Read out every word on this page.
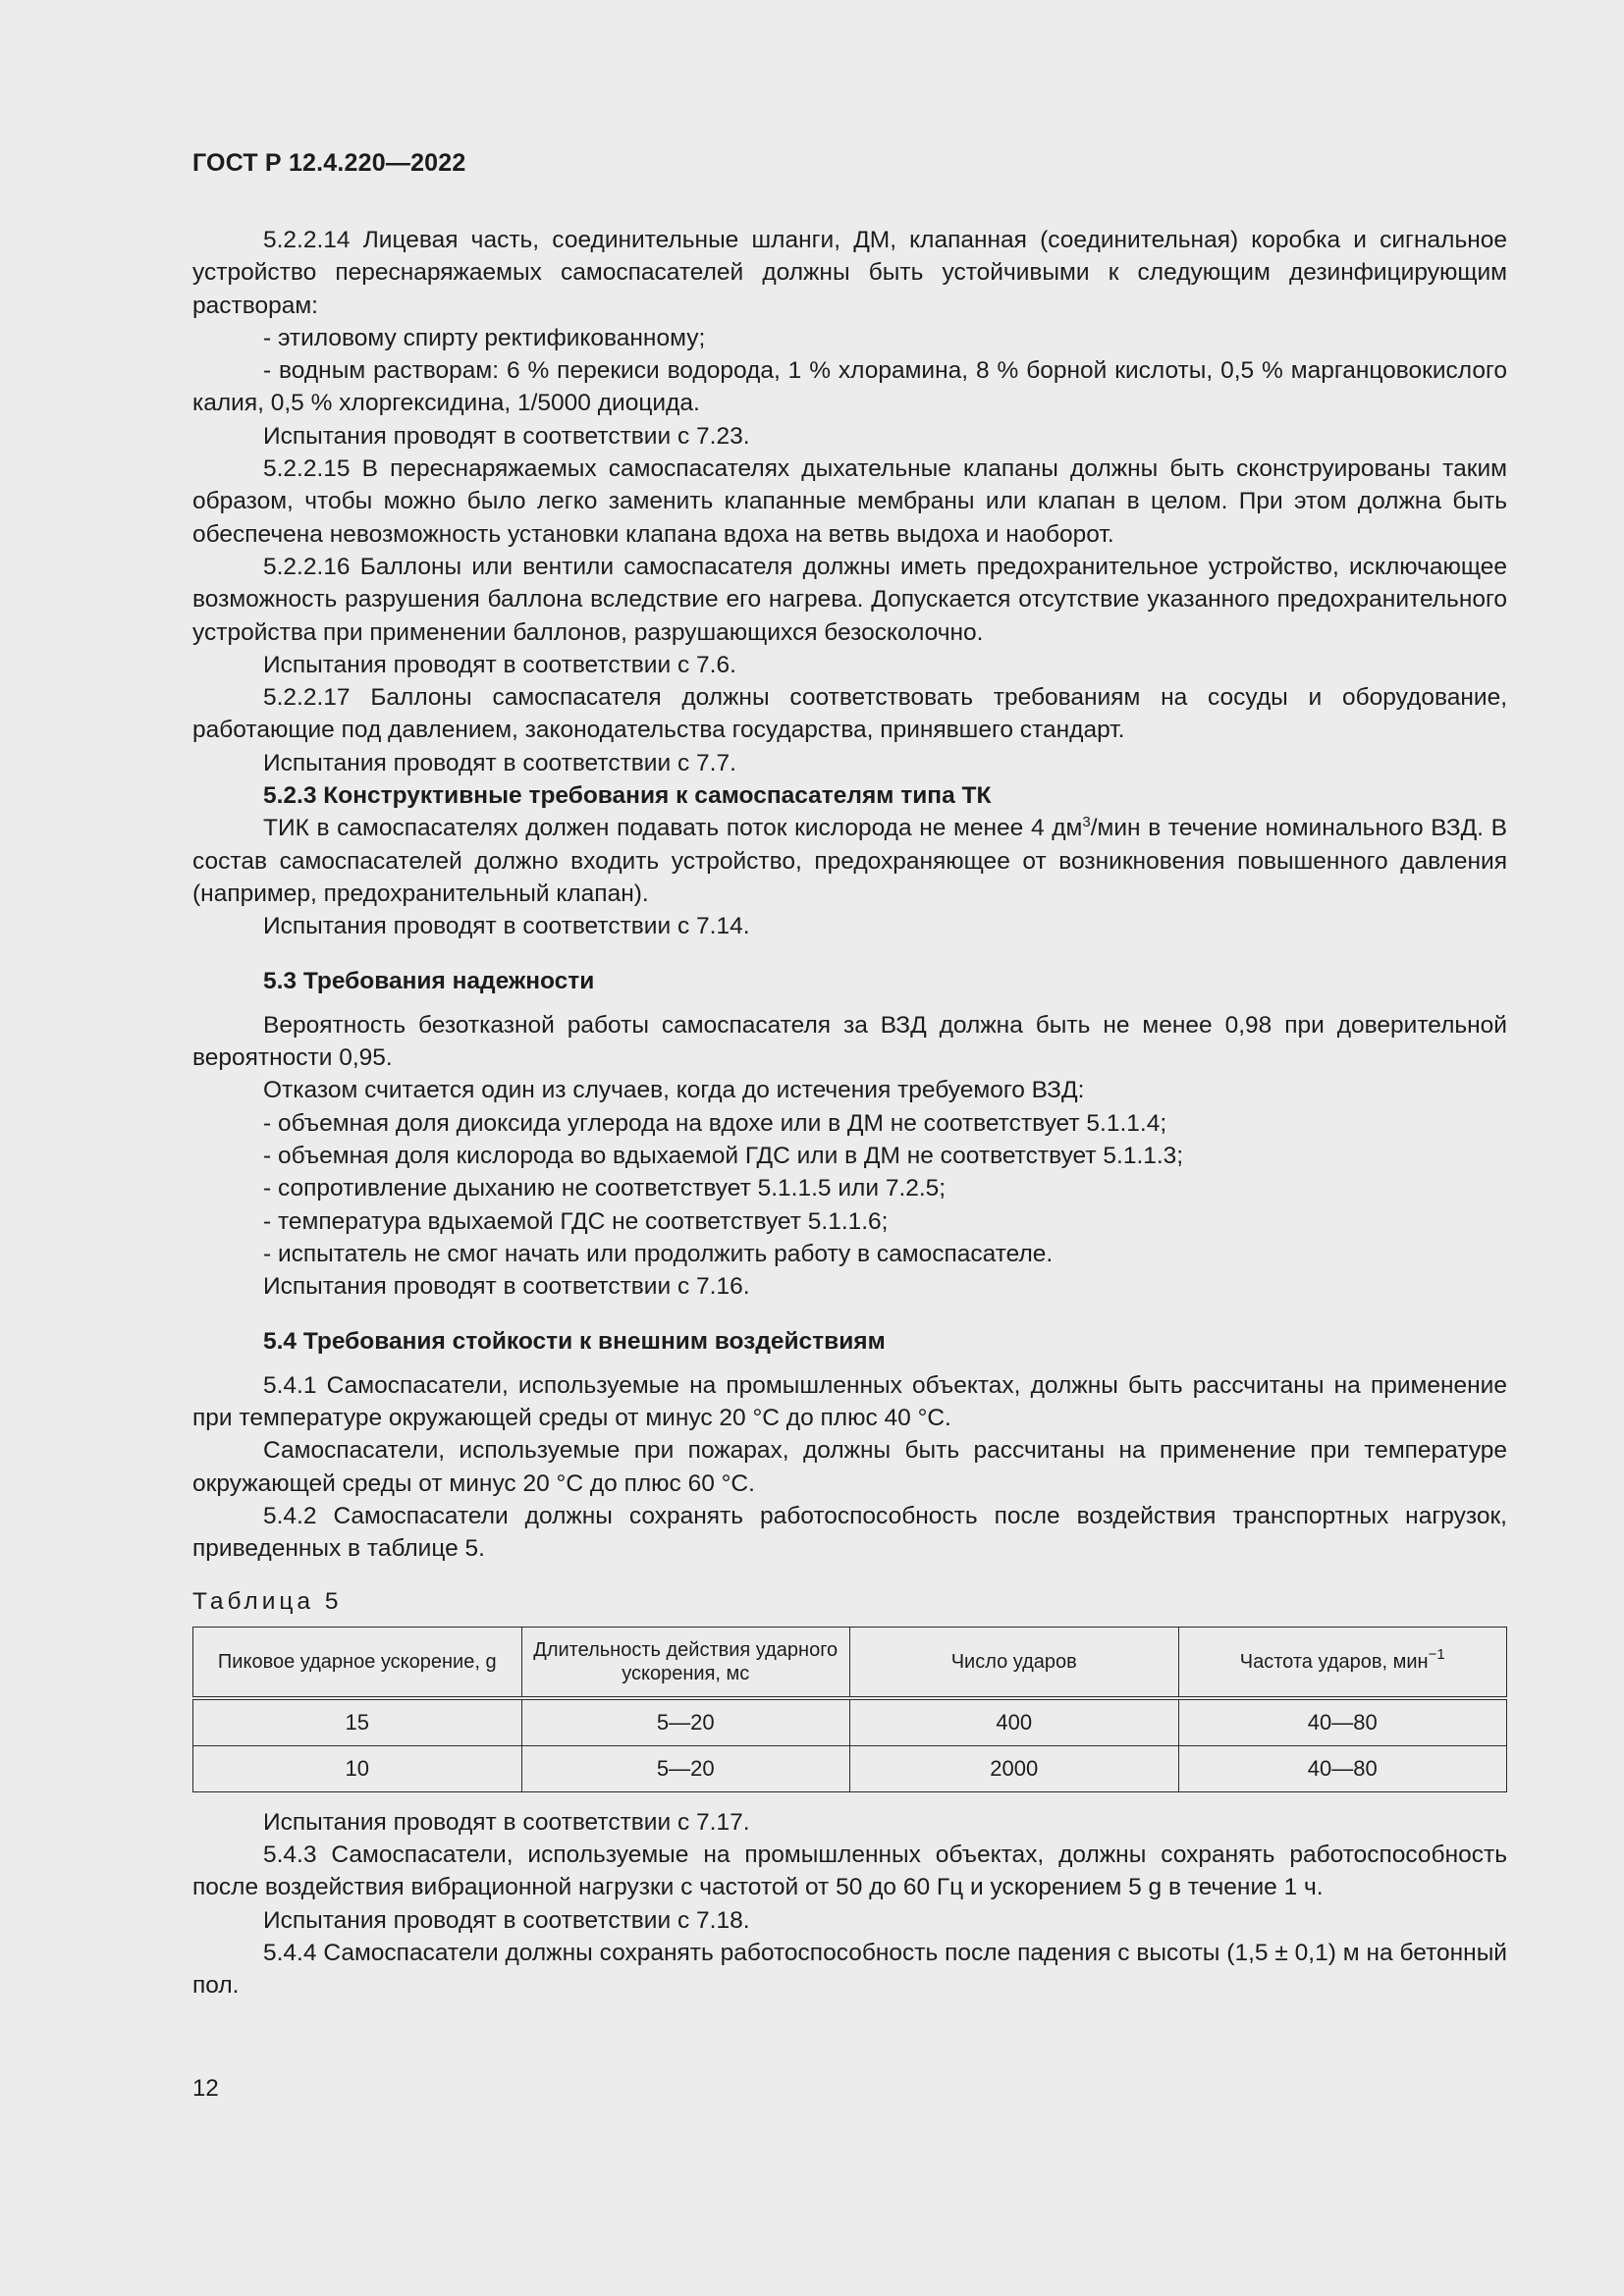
ГОСТ Р 12.4.220—2022

5.2.2.14 Лицевая часть, соединительные шланги, ДМ, клапанная (соединительная) коробка и сигнальное устройство переснаряжаемых самоспасателей должны быть устойчивыми к следующим дезинфицирующим растворам:

- этиловому спирту ректификованному;

- водным растворам: 6 % перекиси водорода, 1 % хлорамина, 8 % борной кислоты, 0,5 % марганцовокислого калия, 0,5 % хлоргексидина, 1/5000 диоцида.

Испытания проводят в соответствии с 7.23.

5.2.2.15 В переснаряжаемых самоспасателях дыхательные клапаны должны быть сконструированы таким образом, чтобы можно было легко заменить клапанные мембраны или клапан в целом. При этом должна быть обеспечена невозможность установки клапана вдоха на ветвь выдоха и наоборот.

5.2.2.16 Баллоны или вентили самоспасателя должны иметь предохранительное устройство, исключающее возможность разрушения баллона вследствие его нагрева. Допускается отсутствие указанного предохранительного устройства при применении баллонов, разрушающихся безосколочно.

Испытания проводят в соответствии с 7.6.

5.2.2.17 Баллоны самоспасателя должны соответствовать требованиям на сосуды и оборудование, работающие под давлением, законодательства государства, принявшего стандарт.

Испытания проводят в соответствии с 7.7.

5.2.3 Конструктивные требования к самоспасателям типа ТК

ТИК в самоспасателях должен подавать поток кислорода не менее 4 $дм^3$/мин в течение номинального ВЗД. В состав самоспасателей должно входить устройство, предохраняющее от возникновения повышенного давления (например, предохранительный клапан).

Испытания проводят в соответствии с 7.14.

5.3 Требования надежности

Вероятность безотказной работы самоспасателя за ВЗД должна быть не менее 0,98 при доверительной вероятности 0,95.

Отказом считается один из случаев, когда до истечения требуемого ВЗД:

- объемная доля диоксида углерода на вдохе или в ДМ не соответствует 5.1.1.4;

- объемная доля кислорода во вдыхаемой ГДС или в ДМ не соответствует 5.1.1.3;

- сопротивление дыханию не соответствует 5.1.1.5 или 7.2.5;

- температура вдыхаемой ГДС не соответствует 5.1.1.6;

- испытатель не смог начать или продолжить работу в самоспасателе.

Испытания проводят в соответствии с 7.16.

5.4 Требования стойкости к внешним воздействиям

5.4.1 Самоспасатели, используемые на промышленных объектах, должны быть рассчитаны на применение при температуре окружающей среды от минус 20 °С до плюс 40 °С.

Самоспасатели, используемые при пожарах, должны быть рассчитаны на применение при температуре окружающей среды от минус 20 °С до плюс 60 °С.

5.4.2 Самоспасатели должны сохранять работоспособность после воздействия транспортных нагрузок, приведенных в таблице 5.

Таблица 5

Пиковое ударное ускорение, g	Длительность действия ударного ускорения, мс	Число ударов	Частота ударов, мин$^{-1}$
15	5—20	400	40—80
10	5—20	2000	40—80

Испытания проводят в соответствии с 7.17.

5.4.3 Самоспасатели, используемые на промышленных объектах, должны сохранять работоспособность после воздействия вибрационной нагрузки с частотой от 50 до 60 Гц и ускорением 5 g в течение 1 ч.

Испытания проводят в соответствии с 7.18.

5.4.4 Самоспасатели должны сохранять работоспособность после падения с высоты (1,5 ± 0,1) м на бетонный пол.

12
